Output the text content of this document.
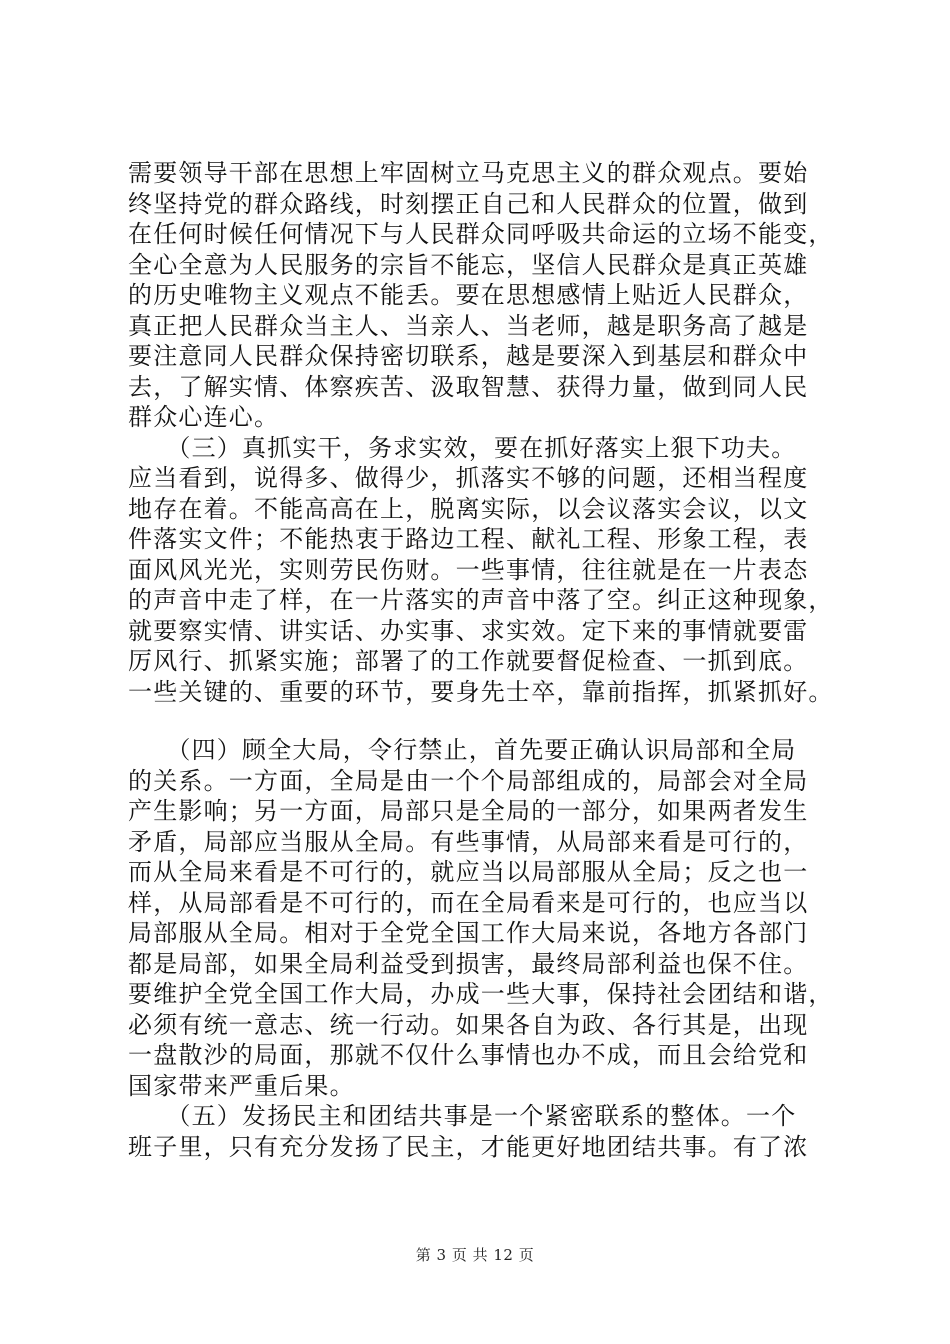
需要领导干部在思想上牢固树立马克思主义的群众观点。要始
终坚持党的群众路线，时刻摆正自己和人民群众的位置，做到
在任何时候任何情况下与人民群众同呼吸共命运的立场不能变，
全心全意为人民服务的宗旨不能忘，坚信人民群众是真正英雄
的历史唯物主义观点不能丢。要在思想感情上贴近人民群众，
真正把人民群众当主人、当亲人、当老师，越是职务高了越是
要注意同人民群众保持密切联系，越是要深入到基层和群众中
去，了解实情、体察疾苦、汲取智慧、获得力量，做到同人民
群众心连心。
　　（三）真抓实干，务求实效，要在抓好落实上狠下功夫。
应当看到，说得多、做得少，抓落实不够的问题，还相当程度
地存在着。不能高高在上，脱离实际，以会议落实会议，以文
件落实文件；不能热衷于路边工程、献礼工程、形象工程，表
面风风光光，实则劳民伤财。一些事情，往往就是在一片表态
的声音中走了样，在一片落实的声音中落了空。纠正这种现象，
就要察实情、讲实话、办实事、求实效。定下来的事情就要雷
厉风行、抓紧实施；部署了的工作就要督促检查、一抓到底。
一些关键的、重要的环节，要身先士卒，靠前指挥，抓紧抓好。
　　（四）顾全大局，令行禁止，首先要正确认识局部和全局
的关系。一方面，全局是由一个个局部组成的，局部会对全局
产生影响；另一方面，局部只是全局的一部分，如果两者发生
矛盾，局部应当服从全局。有些事情，从局部来看是可行的，
而从全局来看是不可行的，就应当以局部服从全局；反之也一
样，从局部看是不可行的，而在全局看来是可行的，也应当以
局部服从全局。相对于全党全国工作大局来说，各地方各部门
都是局部，如果全局利益受到损害，最终局部利益也保不住。
要维护全党全国工作大局，办成一些大事，保持社会团结和谐，
必须有统一意志、统一行动。如果各自为政、各行其是，出现
一盘散沙的局面，那就不仅什么事情也办不成，而且会给党和
国家带来严重后果。
　　（五）发扬民主和团结共事是一个紧密联系的整体。一个
班子里，只有充分发扬了民主，才能更好地团结共事。有了浓
第 3 页 共 12 页
